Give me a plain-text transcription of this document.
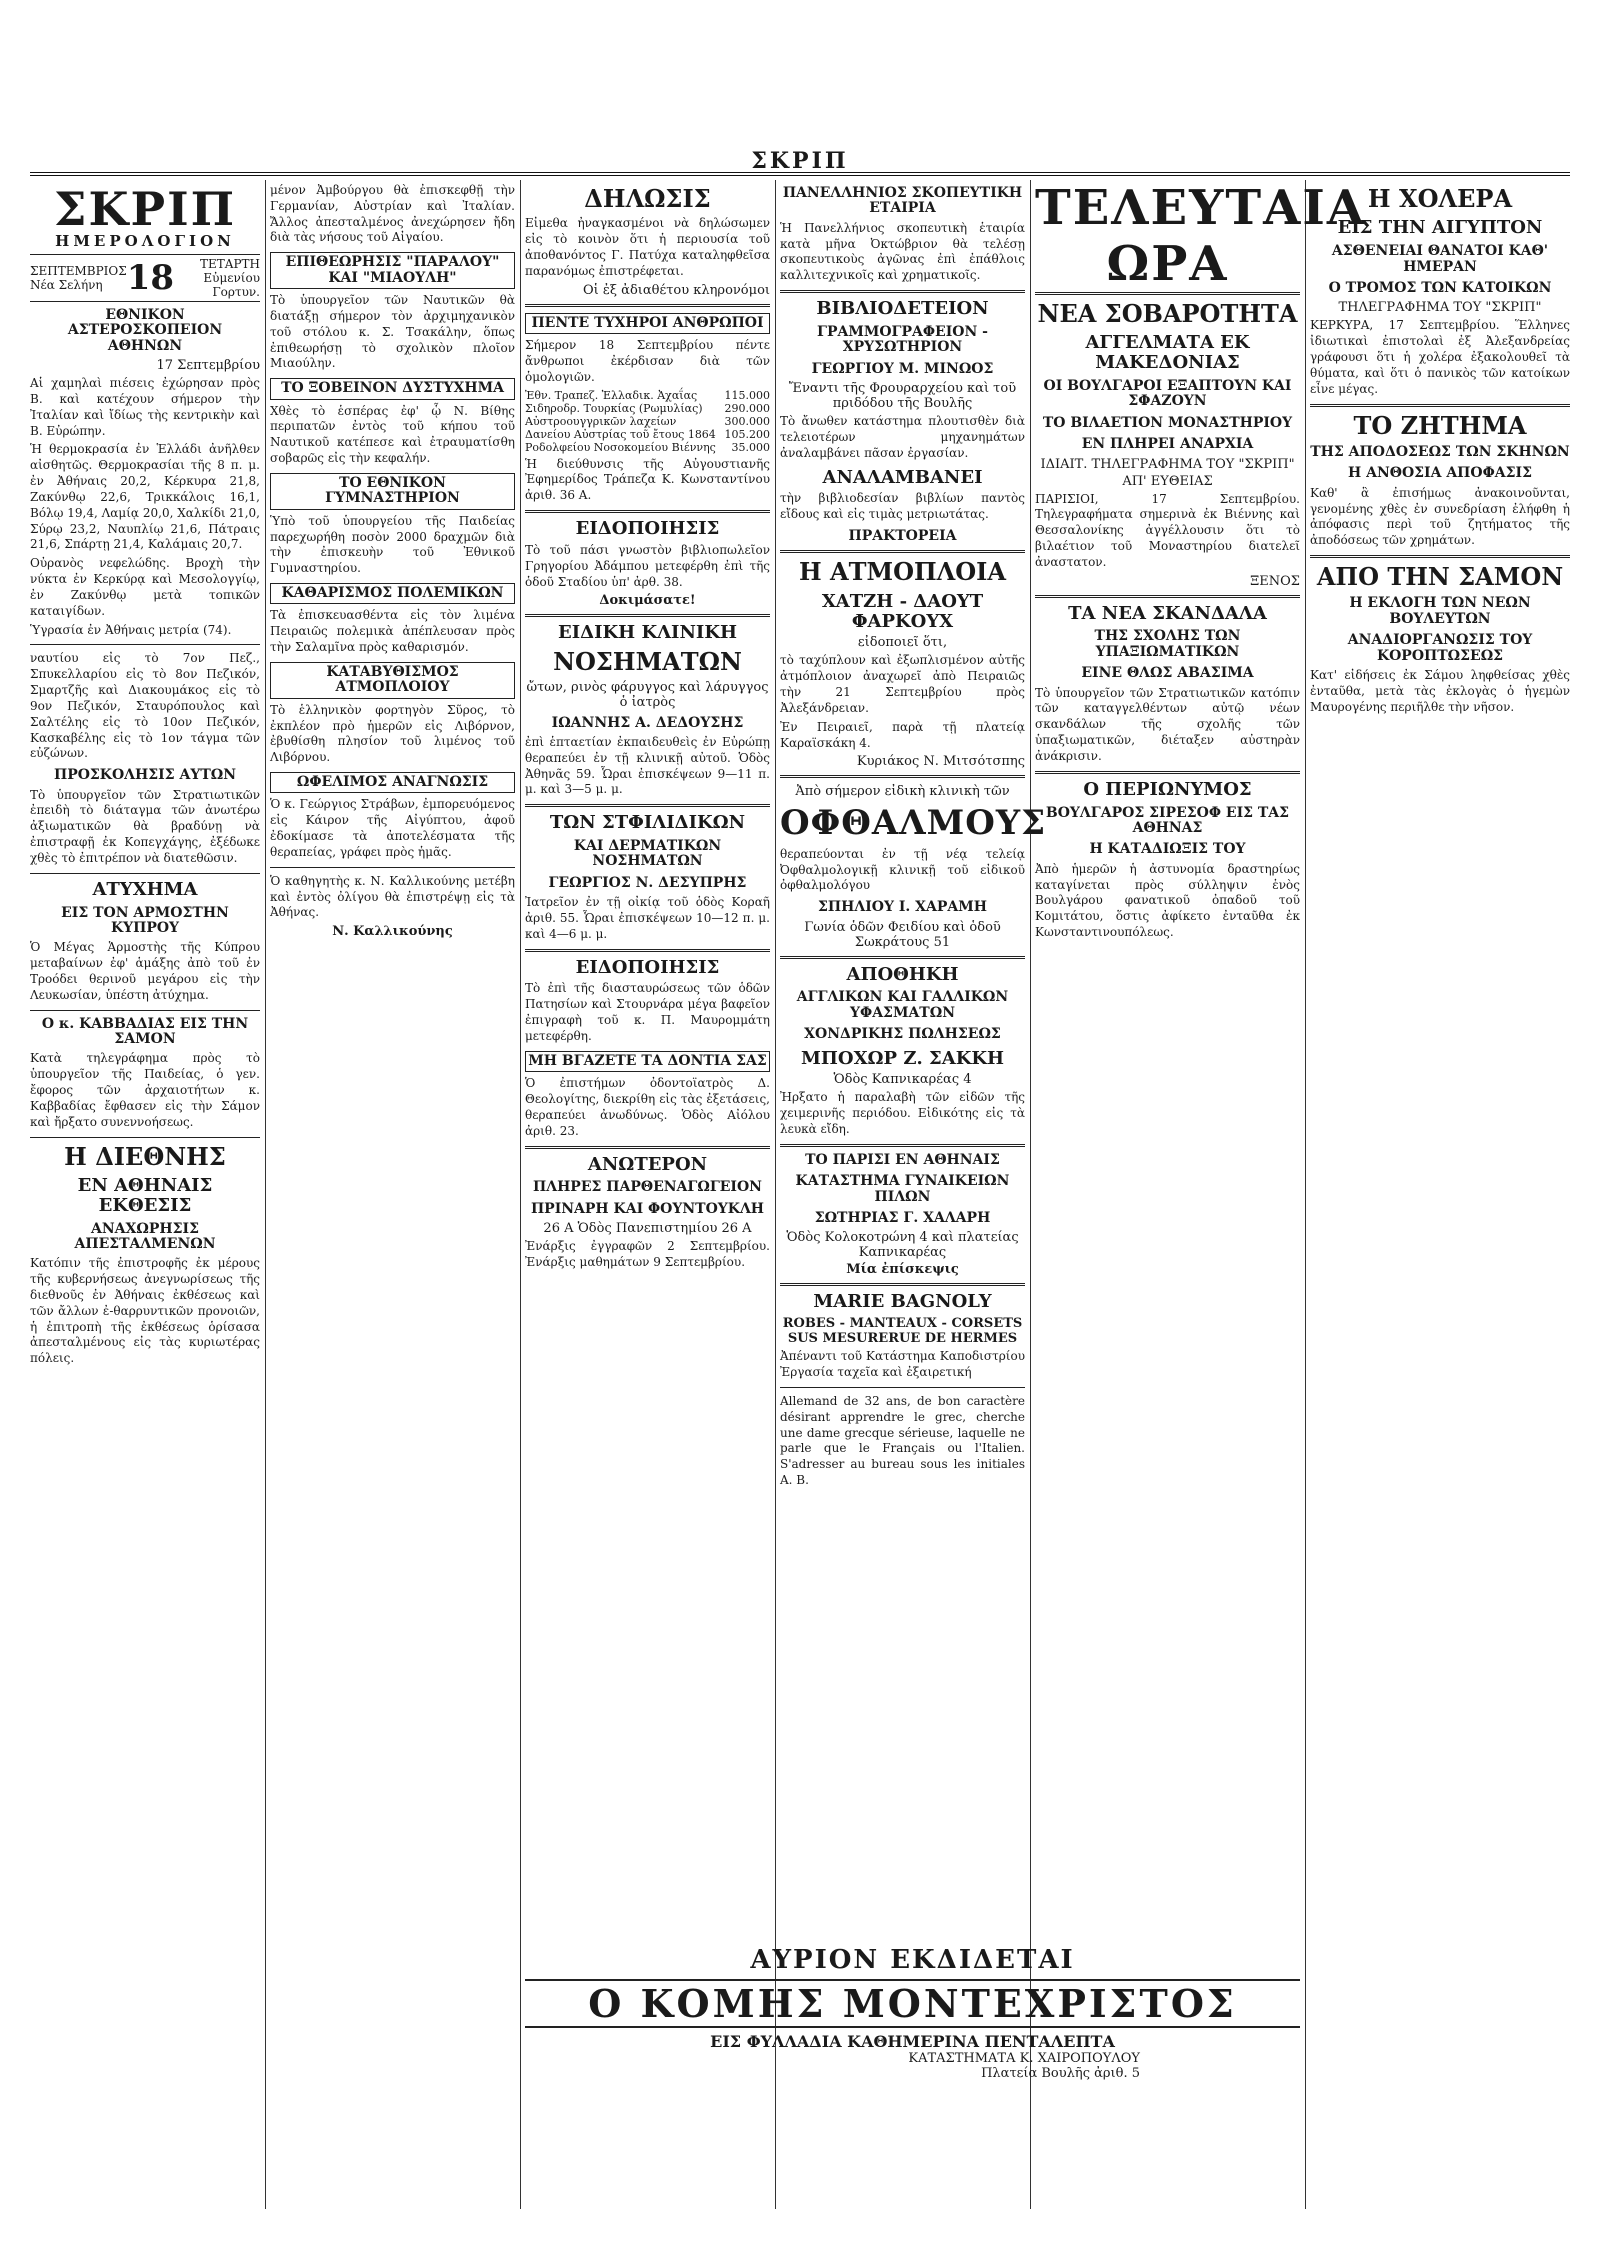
ΣΚΡΙΠ
ΣΚΡΙΠ
ΗΜΕΡΟΛΟΓΙΟΝ
ΣΕΠΤΕΜΒΡΙΟΣ
Νέα Σελήνη 18	ΤΕΤΑΡΤΗ
Εὐμενίου Γορτυν.
ΕΘΝΙΚΟΝ ΑΣΤΕΡΟΣΚΟΠΕΙΟΝ ΑΘΗΝΩΝ
17 Σεπτεμβρίου

Αἱ χαμηλαὶ πιέσεις ἐχώρησαν πρὸς Β. καὶ κατέχουν σήμερον τὴν Ἰταλίαν καὶ ἴδίως τὴς κεντρικὴν καὶ Β. Εὐρώπην.

Ἡ θερμοκρασία ἐν Ἑλλάδι ἀνῆλθεν αἰσθητῶς. Θερμοκρασίαι τῆς 8 π. μ. ἐν Ἀθήναις 20,2, Κέρκυρα 21,8, Ζακύνθῳ 22,6, Τρικκάλοις 16,1, Βόλῳ 19,4, Λαμίᾳ 20,0, Χαλκίδι 21,0, Σύρῳ 23,2, Ναυπλίῳ 21,6, Πάτραις 21,6, Σπάρτῃ 21,4, Καλάμαις 20,7.

Οὐρανὸς νεφελώδης. Βροχὴ τὴν νύκτα ἐν Κερκύρᾳ καὶ Μεσολογγίῳ, ἐν Ζακύνθῳ μετὰ τοπικῶν καταιγίδων.

Ὑγρασία ἐν Ἀθήναις μετρία (74).

ναυτίου εἰς τὸ 7ον Πεζ., Σπυκελλαρίου εἰς τὸ 8ον Πεζικόν, Σμαρτζῆς καὶ Διακουμάκος εἰς τὸ 9ον Πεζικόν, Σταυρόπουλος καὶ Σαλτέλης εἰς τὸ 10ον Πεζικόν, Κασκαβέλης εἰς τὸ 1ον τάγμα τῶν εὐζώνων.

ΠΡΟΣΚΟΛΗΣΙΣ ΑΥΤΩΝ

Τὸ ὑπουργεῖον τῶν Στρατιωτικῶν ἐπειδὴ τὸ διάταγμα τῶν ἀνωτέρω ἀξιωματικῶν θὰ βραδύνῃ νὰ ἐπιστραφῇ ἐκ Κοπεγχάγης, ἐξέδωκε χθὲς τὸ ἐπιτρέπον νὰ διατεθῶσιν.

ΑΤΥΧΗΜΑ
ΕΙΣ ΤΟΝ ΑΡΜΟΣΤΗΝ ΚΥΠΡΟΥ

Ὁ Μέγας Ἁρμοστὴς τῆς Κύπρου μεταβαίνων ἐφ' ἁμάξης ἀπὸ τοῦ ἐν Τροόδει θερινοῦ μεγάρου εἰς τὴν Λευκωσίαν, ὑπέστη ἀτύχημα.

Ο κ. ΚΑΒΒΑΔΙΑΣ ΕΙΣ ΤΗΝ ΣΑΜΟΝ

Κατὰ τηλεγράφημα πρὸς τὸ ὑπουργεῖον τῆς Παιδείας, ὁ γεν. ἔφορος τῶν ἀρχαιοτήτων κ. Καββαδίας ἔφθασεν εἰς τὴν Σάμον καὶ ἤρξατο συνεννοήσεως.

Η ΔΙΕΘΝΗΣ
ΕΝ ΑΘΗΝΑΙΣ ΕΚΘΕΣΙΣ
ΑΝΑΧΩΡΗΣΙΣ ΑΠΕΣΤΑΛΜΕΝΩΝ

Κατόπιν τῆς ἐπιστροφῆς ἐκ μέρους τῆς κυβερνήσεως ἀνεγνωρίσεως τῆς διεθνοῦς ἐν Ἀθήναις ἐκθέσεως καὶ τῶν ἄλλων ἐ-θαρρυντικῶν προνοιῶν, ἡ ἐπιτροπὴ τῆς ἐκθέσεως ὁρίσασα ἀπεσταλμένους εἰς τὰς κυριωτέρας πόλεις.

μένον Ἀμβούργου θὰ ἐπισκεφθῇ τὴν Γερμανίαν, Αὐστρίαν καὶ Ἰταλίαν. Ἄλλος ἀπεσταλμένος ἀνεχώρησεν ἤδη διὰ τὰς νήσους τοῦ Αἰγαίου.

ΕΠΙΘΕΩΡΗΣΙΣ "ΠΑΡΑΛΟΥ" ΚΑΙ "ΜΙΑΟΥΛΗ"

Τὸ ὑπουργεῖον τῶν Ναυτικῶν θὰ διατάξῃ σήμερον τὸν ἀρχιμηχανικὸν τοῦ στόλου κ. Σ. Τσακάλην, ὅπως ἐπιθεωρήσῃ τὸ σχολικὸν πλοῖον Μιαούλην.

ΤΟ ΞΟΒΕΙΝΟΝ ΔΥΣΤΥΧΗΜΑ

Χθὲς τὸ ἑσπέρας ἐφ' ᾧ Ν. Βίθης περιπατῶν ἐντὸς τοῦ κήπου τοῦ Ναυτικοῦ κατέπεσε καὶ ἐτραυματίσθη σοβαρῶς εἰς τὴν κεφαλήν.

ΤΟ ΕΘΝΙΚΟΝ ΓΥΜΝΑΣΤΗΡΙΟΝ

Ὑπὸ τοῦ ὑπουργείου τῆς Παιδείας παρεχωρήθη ποσὸν 2000 δραχμῶν διὰ τὴν ἐπισκευὴν τοῦ Ἐθνικοῦ Γυμναστηρίου.

ΚΑΘΑΡΙΣΜΟΣ ΠΟΛΕΜΙΚΩΝ

Τὰ ἐπισκευασθέντα εἰς τὸν λιμένα Πειραιῶς πολεμικὰ ἀπέπλευσαν πρὸς τὴν Σαλαμῖνα πρὸς καθαρισμόν.

ΚΑΤΑΒΥΘΙΣΜΟΣ ΑΤΜΟΠΛΟΙΟΥ

Τὸ ἑλληνικὸν φορτηγὸν Σῦρος, τὸ ἐκπλέον πρὸ ἡμερῶν εἰς Λιβόρνον, ἐβυθίσθη πλησίον τοῦ λιμένος τοῦ Λιβόρνου.

ΩΦΕΛΙΜΟΣ ΑΝΑΓΝΩΣΙΣ

Ὁ κ. Γεώργιος Στράβων, ἐμπορευόμενος εἰς Κάιρον τῆς Αἰγύπτου, ἀφοῦ ἐδοκίμασε τὰ ἀποτελέσματα τῆς θεραπείας, γράφει πρὸς ἡμᾶς.

Ὁ καθηγητὴς κ. Ν. Καλλικούνης μετέβη καὶ ἐντὸς ὀλίγου θὰ ἐπιστρέψῃ εἰς τὰ Ἀθήνας.

Ν. Καλλικούνης
ΔΗΛΩΣΙΣ

Εἰμεθα ἠναγκασμένοι νὰ δηλώσωμεν εἰς τὸ κοινὸν ὅτι ἡ περιουσία τοῦ ἀποθανόντος Γ. Πατύχα καταληφθεῖσα παρανόμως ἐπιστρέφεται.

Οἱ ἐξ ἀδιαθέτου κληρονόμοι
ΠΕΝΤΕ ΤΥΧΗΡΟΙ ΑΝΘΡΩΠΟΙ

Σήμερον 18 Σεπτεμβρίου πέντε ἄνθρωποι ἐκέρδισαν διὰ τῶν ὁμολογιῶν.

Ἐθν. Τραπεζ. Ἑλλαδικ. Ἀχαΐας 115.000
Σιδηροδρ. Τουρκίας (Ρωμυλίας) 290.000
Αὐστροουγγρικῶν λαχείων	300.000
Δανείου Αὐστρίας τοῦ ἔτους 1864 105.200
Ροδολφείου Νοσοκομείου Βιέννης 35.000

Ἡ διεύθυνσις τῆς Αὐγουστιανῆς Ἐφημερίδος Τράπεζα Κ. Κωνσταντίνου ἀριθ. 36 Α.

ΕΙΔΟΠΟΙΗΣΙΣ

Τὸ τοῦ πάσι γνωστὸν βιβλιοπωλεῖον Γρηγορίου Ἀδάμπου μετεφέρθη ἐπὶ τῆς ὁδοῦ Σταδίου ὑπ' ἀρθ. 38.

Δοκιμάσατε!
ΕΙΔΙΚΗ ΚΛΙΝΙΚΗ
ΝΟΣΗΜΑΤΩΝ
ὤτων, ρινὸς φάρυγγος καὶ λάρυγγος ὁ ἰατρὸς
ΙΩΑΝΝΗΣ Α. ΔΕΔΟΥΣΗΣ

ἐπὶ ἑπταετίαν ἐκπαιδευθεὶς ἐν Εὐρώπῃ θεραπεύει ἐν τῇ κλινικῇ αὐτοῦ. Ὁδὸς Ἀθηνᾶς 59. Ὧραι ἐπισκέψεων 9—11 π. μ. καὶ 3—5 μ. μ.

ΤΩΝ ΣΤΦΙΛΙΔΙΚΩΝ
ΚΑΙ ΔΕΡΜΑΤΙΚΩΝ ΝΟΣΗΜΑΤΩΝ
ΓΕΩΡΓΙΟΣ Ν. ΔΕΣΥΠΡΗΣ

Ἰατρεῖον ἐν τῇ οἰκίᾳ τοῦ ὁδὸς Κοραῆ ἀριθ. 55. Ὧραι ἐπισκέψεων 10—12 π. μ. καὶ 4—6 μ. μ.

ΕΙΔΟΠΟΙΗΣΙΣ

Τὸ ἐπὶ τῆς διασταυρώσεως τῶν ὁδῶν Πατησίων καὶ Στουρνάρα μέγα βαφεῖον ἐπιγραφὴ τοῦ κ. Π. Μαυρομμάτη μετεφέρθη.

ΜΗ ΒΓΑΖΕΤΕ ΤΑ ΔΟΝΤΙΑ ΣΑΣ

Ὁ ἐπιστήμων ὀδοντοϊατρὸς Δ. Θεολογίτης, διεκρίθη εἰς τὰς ἐξετάσεις, θεραπεύει ἀνωδύνως. Ὁδὸς Αἰόλου ἀριθ. 23.

ΑΝΩΤΕΡΟΝ
ΠΛΗΡΕΣ ΠΑΡΘΕΝΑΓΩΓΕΙΟΝ
ΠΡΙΝΑΡΗ ΚΑΙ ΦΟΥΝΤΟΥΚΛΗ
26 Α Ὁδὸς Πανεπιστημίου 26 Α

Ἐνάρξις ἐγγραφῶν 2 Σεπτεμβρίου. Ἐνάρξις μαθημάτων 9 Σεπτεμβρίου.

ΠΑΝΕΛΛΗΝΙΟΣ ΣΚΟΠΕΥΤΙΚΗ ΕΤΑΙΡΙΑ

Ἡ Πανελλήνιος σκοπευτικὴ ἑταιρία κατὰ μῆνα Ὀκτώβριον θὰ τελέσῃ σκοπευτικοὺς ἀγῶνας ἐπὶ ἐπάθλοις καλλιτεχνικοῖς καὶ χρηματικοῖς.

ΒΙΒΛΙΟΔΕΤΕΙΟΝ
ΓΡΑΜΜΟΓΡΑΦΕΙΟΝ - ΧΡΥΣΩΤΗΡΙΟΝ
ΓΕΩΡΓΙΟΥ Μ. ΜΙΝΩΟΣ
Ἔναντι τῆς Φρουραρχείου καὶ τοῦ πριδόδου τῆς Βουλῆς

Τὸ ἄνωθεν κατάστημα πλουτισθὲν διὰ τελειοτέρων μηχανημάτων ἀναλαμβάνει πᾶσαν ἐργασίαν.

ΑΝΑΛΑΜΒΑΝΕΙ

τὴν βιβλιοδεσίαν βιβλίων παντὸς εἴδους καὶ εἰς τιμὰς μετριωτάτας.

ΠΡΑΚΤΟΡΕΙΑ
Η ΑΤΜΟΠΛΟΙΑ
ΧΑΤΖΗ - ΔΑΟΥΤ ΦΑΡΚΟΥΧ
εἰδοποιεῖ ὅτι,

τὸ ταχύπλουν καὶ ἐξωπλισμένον αὐτῆς ἀτμόπλοιον ἀναχωρεῖ ἀπὸ Πειραιῶς τὴν 21 Σεπτεμβρίου πρὸς Ἀλεξάνδρειαν.

Ἐν Πειραιεῖ, παρὰ τῇ πλατείᾳ Καραϊσκάκη 4.

Κυριάκος Ν. Μιτσότσπης
Ἀπὸ σήμερον εἰδικὴ κλινικὴ τῶν
ΟΦΘΑΛΜΟΥΣ

θεραπεύονται ἐν τῇ νέᾳ τελείᾳ Ὀφθαλμολογικῇ κλινικῇ τοῦ εἰδικοῦ ὀφθαλμολόγου

ΣΠΗΛΙΟΥ Ι. ΧΑΡΑΜΗ
Γωνία ὁδῶν Φειδίου καὶ ὁδοῦ Σωκράτους 51
ΑΠΟΘΗΚΗ
ΑΓΓΛΙΚΩΝ ΚΑΙ ΓΑΛΛΙΚΩΝ ΥΦΑΣΜΑΤΩΝ
ΧΟΝΔΡΙΚΗΣ ΠΩΛΗΣΕΩΣ
ΜΠΟΧΩΡ Ζ. ΣΑΚΚΗ
Ὁδὸς Καπνικαρέας 4

Ἠρξατο ἡ παραλαβὴ τῶν εἰδῶν τῆς χειμερινῆς περιόδου. Εἰδικότης εἰς τὰ λευκὰ εἴδη.

ΤΟ ΠΑΡΙΣΙ ΕΝ ΑΘΗΝΑΙΣ
ΚΑΤΑΣΤΗΜΑ ΓΥΝΑΙΚΕΙΩΝ ΠΙΛΩΝ
ΣΩΤΗΡΙΑΣ Γ. ΧΑΛΑΡΗ
Ὁδὸς Κολοκοτρώνη 4 καὶ πλατείας Καπνικαρέας
Μία ἐπίσκεψις
MARIE BAGNOLY
ROBES - MANTEAUX - CORSETS SUS MESURERUE DE HERMES

Ἀπέναντι τοῦ Κατάστημα Καποδιστρίου Ἐργασία ταχεῖα καὶ ἐξαιρετική

Allemand de 32 ans, de bon caractère désirant apprendre le grec, cherche une dame grecque sérieuse, laquelle ne parle que le Français ou l'Italien. S'adresser au bureau sous les initiales A. B.

ΤΕΛΕΥΤΑΙΑ ΩΡΑ
ΝΕΑ ΣΟΒΑΡΟΤΗΤΑ
ΑΓΓΕΛΜΑΤΑ ΕΚ ΜΑΚΕΔΟΝΙΑΣ
ΟΙ ΒΟΥΛΓΑΡΟΙ ΕΞΑΠΤΟΥΝ ΚΑΙ ΣΦΑΖΟΥΝ
ΤΟ ΒΙΛΑΕΤΙΟΝ ΜΟΝΑΣΤΗΡΙΟΥ
ΕΝ ΠΛΗΡΕΙ ΑΝΑΡΧΙΑ
ΙΔΙΑΙΤ. ΤΗΛΕΓΡΑΦΗΜΑ ΤΟΥ "ΣΚΡΙΠ"
ΑΠ' ΕΥΘΕΙΑΣ

ΠΑΡΙΣΙΟΙ, 17 Σεπτεμβρίου. Τηλεγραφήματα σημερινὰ ἐκ Βιέννης καὶ Θεσσαλονίκης ἀγγέλλουσιν ὅτι τὸ βιλαέτιον τοῦ Μοναστηρίου διατελεῖ ἀναστατον.

ΞΕΝΟΣ
ΤΑ ΝΕΑ ΣΚΑΝΔΑΛΑ
ΤΗΣ ΣΧΟΛΗΣ ΤΩΝ ΥΠΑΞΙΩΜΑΤΙΚΩΝ
ΕΙΝΕ ΘΛΩΣ ΑΒΑΣΙΜΑ

Τὸ ὑπουργεῖον τῶν Στρατιωτικῶν κατόπιν τῶν καταγγελθέντων αὐτῷ νέων σκανδάλων τῆς σχολῆς τῶν ὑπαξιωματικῶν, διέταξεν αὐστηρὰν ἀνάκρισιν.

Ο ΠΕΡΙΩΝΥΜΟΣ
ΒΟΥΛΓΑΡΟΣ ΣΙΡΕΣΟΦ ΕΙΣ ΤΑΣ ΑΘΗΝΑΣ
Η ΚΑΤΑΔΙΩΞΙΣ ΤΟΥ

Ἀπὸ ἡμερῶν ἡ ἀστυνομία δραστηρίως καταγίνεται πρὸς σύλληψιν ἑνὸς Βουλγάρου φανατικοῦ ὀπαδοῦ τοῦ Κομιτάτου, ὅστις ἀφίκετο ἐνταῦθα ἐκ Κωνσταντινουπόλεως.

Η ΧΟΛΕΡΑ
ΕΙΣ ΤΗΝ ΑΙΓΥΠΤΟΝ
ΑΣΘΕΝΕΙΑΙ ΘΑΝΑΤΟΙ ΚΑΘ' ΗΜΕΡΑΝ
Ο ΤΡΟΜΟΣ ΤΩΝ ΚΑΤΟΙΚΩΝ
ΤΗΛΕΓΡΑΦΗΜΑ ΤΟΥ "ΣΚΡΙΠ"

ΚΕΡΚΥΡΑ, 17 Σεπτεμβρίου. Ἕλληνες ἰδιωτικαὶ ἐπιστολαὶ ἐξ Ἀλεξανδρείας γράφουσι ὅτι ἡ χολέρα ἐξακολουθεῖ τὰ θύματα, καὶ ὅτι ὁ πανικὸς τῶν κατοίκων εἶνε μέγας.

ΤΟ ΖΗΤΗΜΑ
ΤΗΣ ΑΠΟΔΟΣΕΩΣ ΤΩΝ ΣΚΗΝΩΝ
Η ΑΝΘΟΣΙΑ ΑΠΟΦΑΣΙΣ

Καθ' ἃ ἐπισήμως ἀνακοινοῦνται, γενομένης χθὲς ἐν συνεδρίαση ἐλήφθη ἡ ἀπόφασις περὶ τοῦ ζητήματος τῆς ἀποδόσεως τῶν χρημάτων.

ΑΠΟ ΤΗΝ ΣΑΜΟΝ
Η ΕΚΛΟΓΗ ΤΩΝ ΝΕΩΝ ΒΟΥΛΕΥΤΩΝ
ΑΝΑΔΙΟΡΓΑΝΩΣΙΣ ΤΟΥ ΚΟΡΟΠΤΩΣΕΩΣ

Κατ' εἰδήσεις ἐκ Σάμου ληφθείσας χθὲς ἐνταῦθα, μετὰ τὰς ἐκλογὰς ὁ ἡγεμὼν Μαυρογένης περιῆλθε τὴν νῆσον.

ΑΥΡΙΟΝ ΕΚΔΙΔΕΤΑΙ
Ο ΚΟΜΗΣ ΜΟΝΤΕΧΡΙΣΤΟΣ
ΕΙΣ ΦΥΛΛΑΔΙΑ ΚΑΘΗΜΕΡΙΝΑ ΠΕΝΤΑΛΕΠΤΑ
ΚΑΤΑΣΤΗΜΑΤΑ Κ. ΧΑΙΡΟΠΟΥΛΟΥ
Πλατεία Βουλῆς ἀριθ. 5
